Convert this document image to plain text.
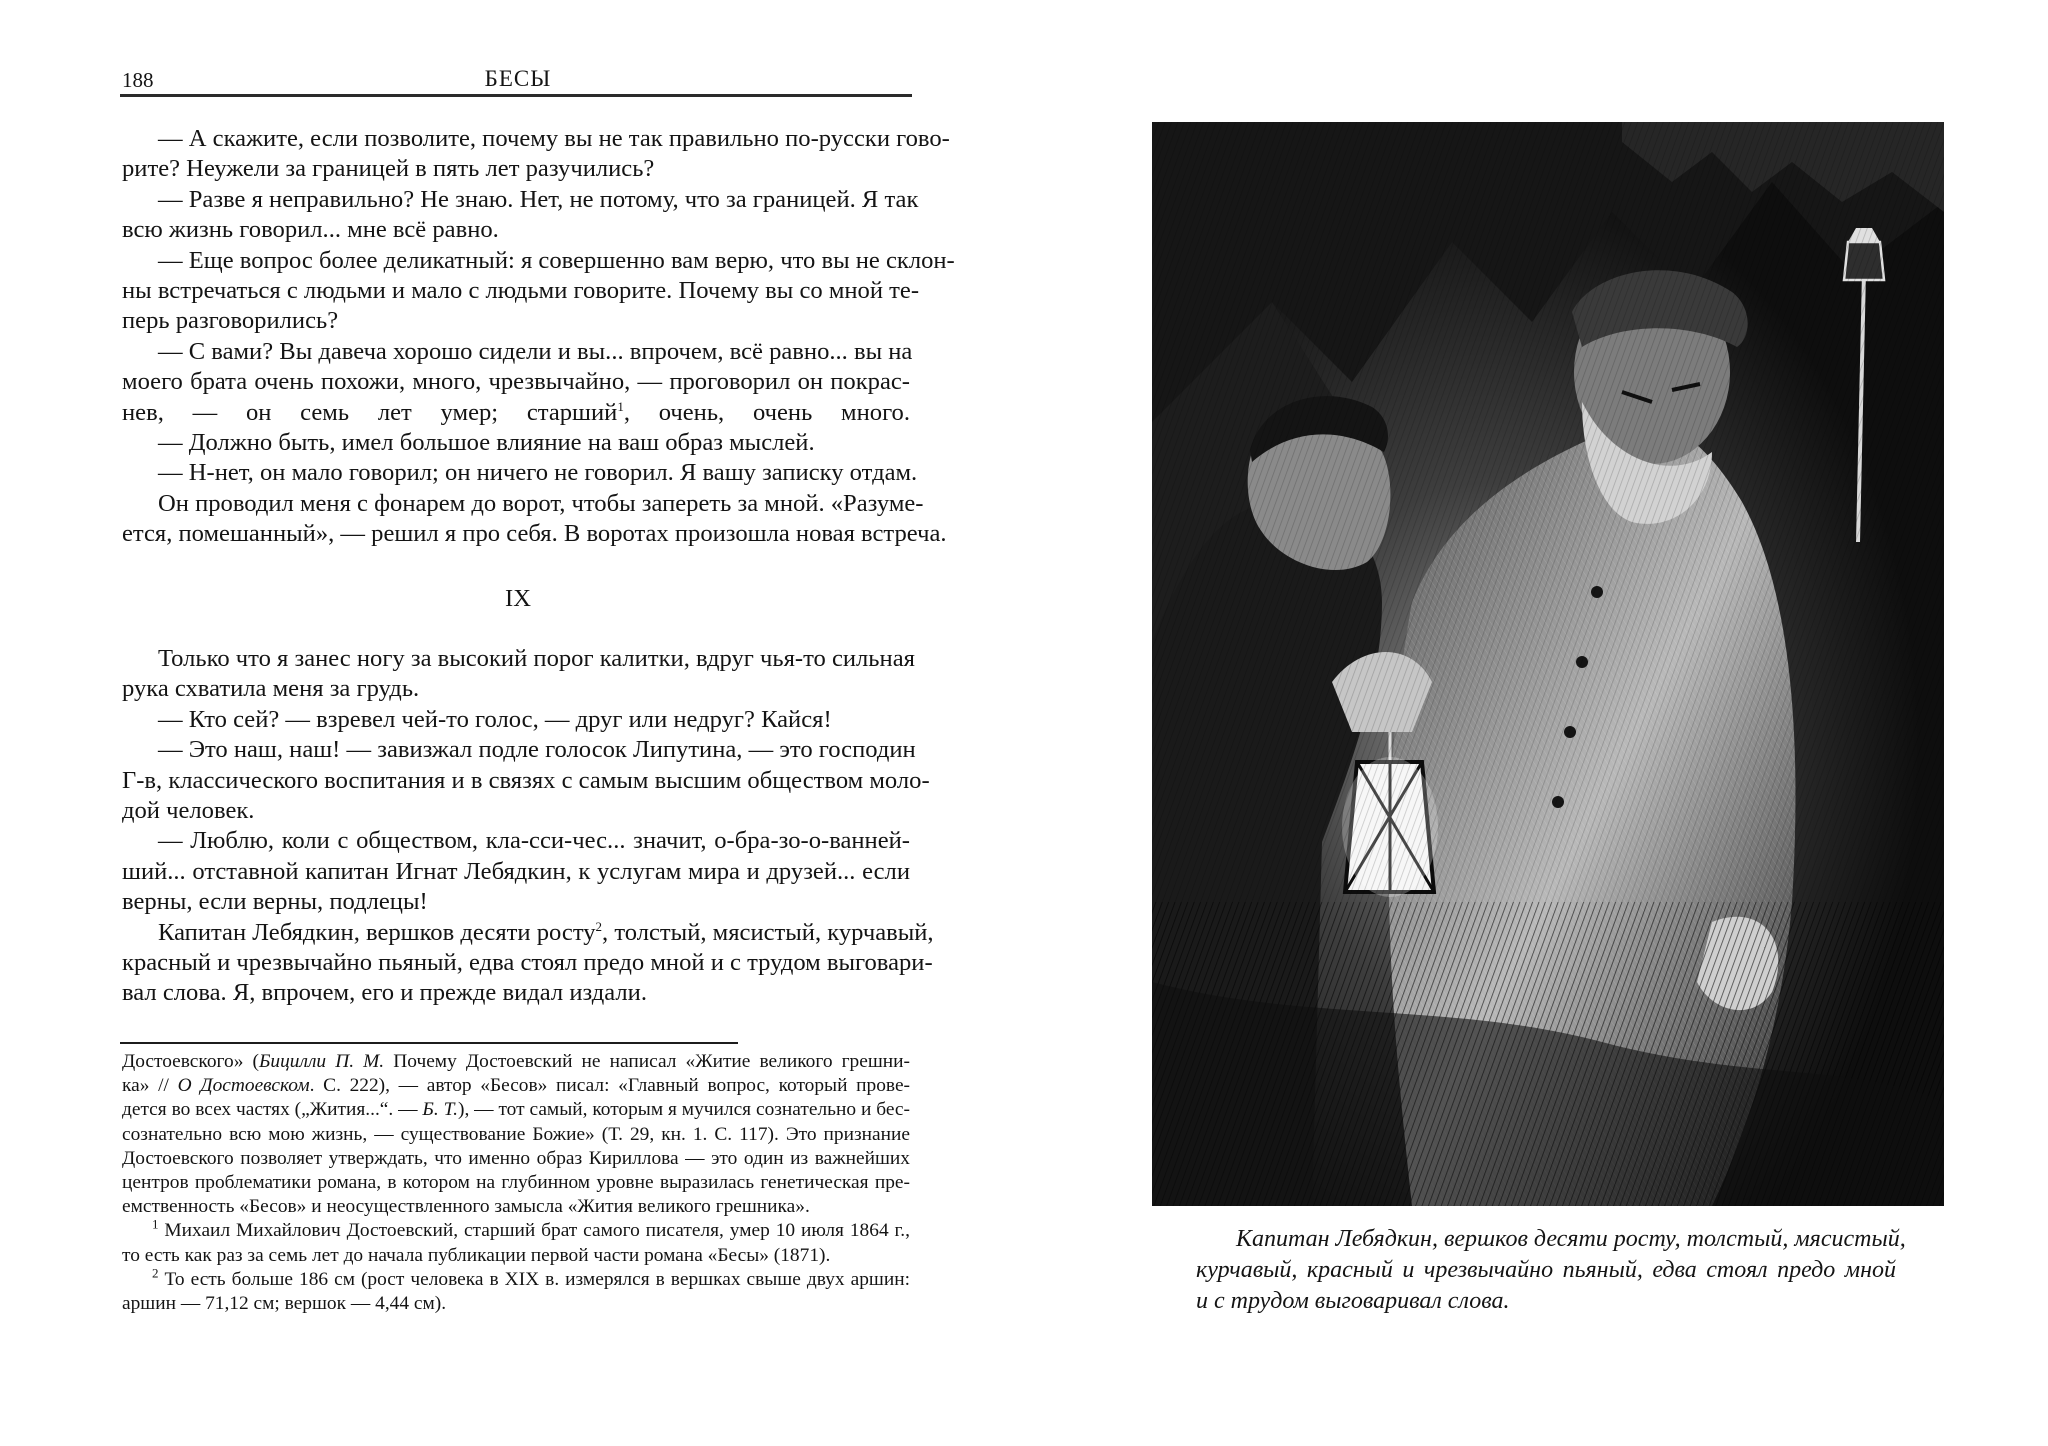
188	БЕСЫ
— А скажите, если позволите, почему вы не так правильно по-русски гово-
рите? Неужели за границей в пять лет разучились?
— Разве я неправильно? Не знаю. Нет, не потому, что за границей. Я так
всю жизнь говорил... мне всё равно.
— Еще вопрос более деликатный: я совершенно вам верю, что вы не склон-
ны встречаться с людьми и мало с людьми говорите. Почему вы со мной те-
перь разговорились?
— С вами? Вы давеча хорошо сидели и вы... впрочем, всё равно... вы на
моего брата очень похожи, много, чрезвычайно, — проговорил он покрас-
нев, — он семь лет умер; старший$^1$, очень, очень много.
— Должно быть, имел большое влияние на ваш образ мыслей.
— Н-нет, он мало говорил; он ничего не говорил. Я вашу записку отдам.
Он проводил меня с фонарем до ворот, чтобы запереть за мной. «Разуме-
ется, помешанный», — решил я про себя. В воротах произошла новая встреча.
IX
Только что я занес ногу за высокий порог калитки, вдруг чья-то сильная
рука схватила меня за грудь.
— Кто сей? — взревел чей-то голос, — друг или недруг? Кайся!
— Это наш, наш! — завизжал подле голосок Липутина, — это господин
Г-в, классического воспитания и в связях с самым высшим обществом моло-
дой человек.
— Люблю, коли с обществом, кла-сси-чес... значит, о-бра-зо-о-ванней-
ший... отставной капитан Игнат Лебядкин, к услугам мира и друзей... если
верны, если верны, подлецы!
Капитан Лебядкин, вершков десяти росту$^2$, толстый, мясистый, курчавый,
красный и чрезвычайно пьяный, едва стоял предо мной и с трудом выговари-
вал слова. Я, впрочем, его и прежде видал издали.
Достоевского» (Бицилли П. М. Почему Достоевский не написал «Житие великого грешни-
ка» // О Достоевском. С. 222), — автор «Бесов» писал: «Главный вопрос, который прове-
дется во всех частях („Жития...“. — Б. Т.), — тот самый, которым я мучился сознательно и бес-
сознательно всю мою жизнь, — существование Божие» (Т. 29, кн. 1. С. 117). Это признание
Достоевского позволяет утверждать, что именно образ Кириллова — это один из важнейших
центров проблематики романа, в котором на глубинном уровне выразилась генетическая пре-
емственность «Бесов» и неосуществленного замысла «Жития великого грешника».
$^1$ Михаил Михайлович Достоевский, старший брат самого писателя, умер 10 июля 1864 г.,
то есть как раз за семь лет до начала публикации первой части романа «Бесы» (1871).
$^2$ То есть больше 186 см (рост человека в XIX в. измерялся в вершках свыше двух аршин:
аршин — 71,12 см; вершок — 4,44 см).
Капитан Лебядкин, вершков десяти росту, толстый, мясистый,
курчавый, красный и чрезвычайно пьяный, едва стоял предо мной
и с трудом выговаривал слова.
